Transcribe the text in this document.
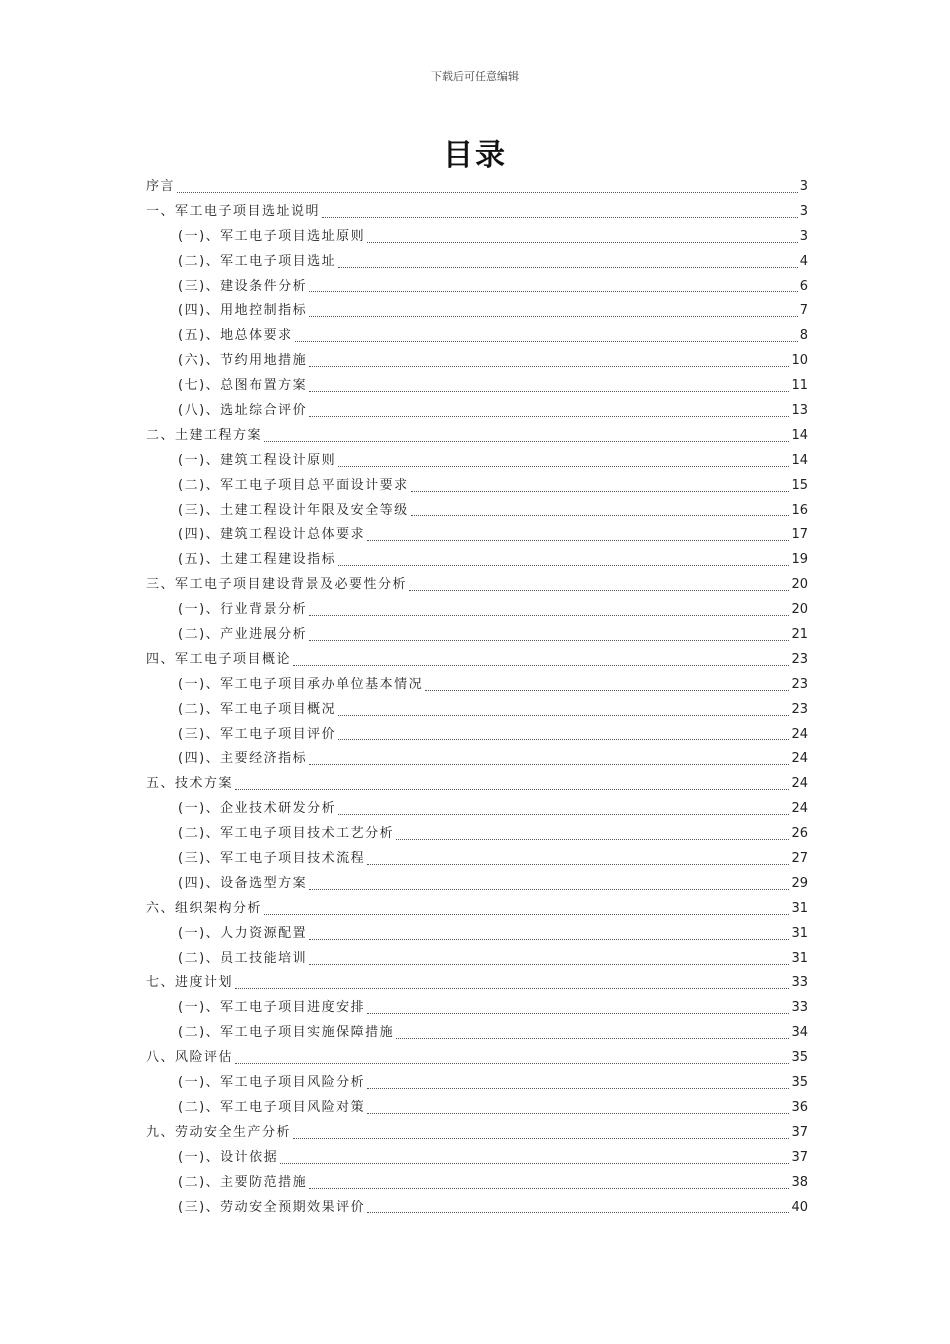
下载后可任意编辑
目录
序言	3
一、军工电子项目选址说明	3
(一)、军工电子项目选址原则	3
(二)、军工电子项目选址	4
(三)、建设条件分析	6
(四)、用地控制指标	7
(五)、地总体要求	8
(六)、节约用地措施	10
(七)、总图布置方案	11
(八)、选址综合评价	13
二、土建工程方案	14
(一)、建筑工程设计原则	14
(二)、军工电子项目总平面设计要求	15
(三)、土建工程设计年限及安全等级	16
(四)、建筑工程设计总体要求	17
(五)、土建工程建设指标	19
三、军工电子项目建设背景及必要性分析	20
(一)、行业背景分析	20
(二)、产业进展分析	21
四、军工电子项目概论	23
(一)、军工电子项目承办单位基本情况	23
(二)、军工电子项目概况	23
(三)、军工电子项目评价	24
(四)、主要经济指标	24
五、技术方案	24
(一)、企业技术研发分析	24
(二)、军工电子项目技术工艺分析	26
(三)、军工电子项目技术流程	27
(四)、设备选型方案	29
六、组织架构分析	31
(一)、人力资源配置	31
(二)、员工技能培训	31
七、进度计划	33
(一)、军工电子项目进度安排	33
(二)、军工电子项目实施保障措施	34
八、风险评估	35
(一)、军工电子项目风险分析	35
(二)、军工电子项目风险对策	36
九、劳动安全生产分析	37
(一)、设计依据	37
(二)、主要防范措施	38
(三)、劳动安全预期效果评价	40
